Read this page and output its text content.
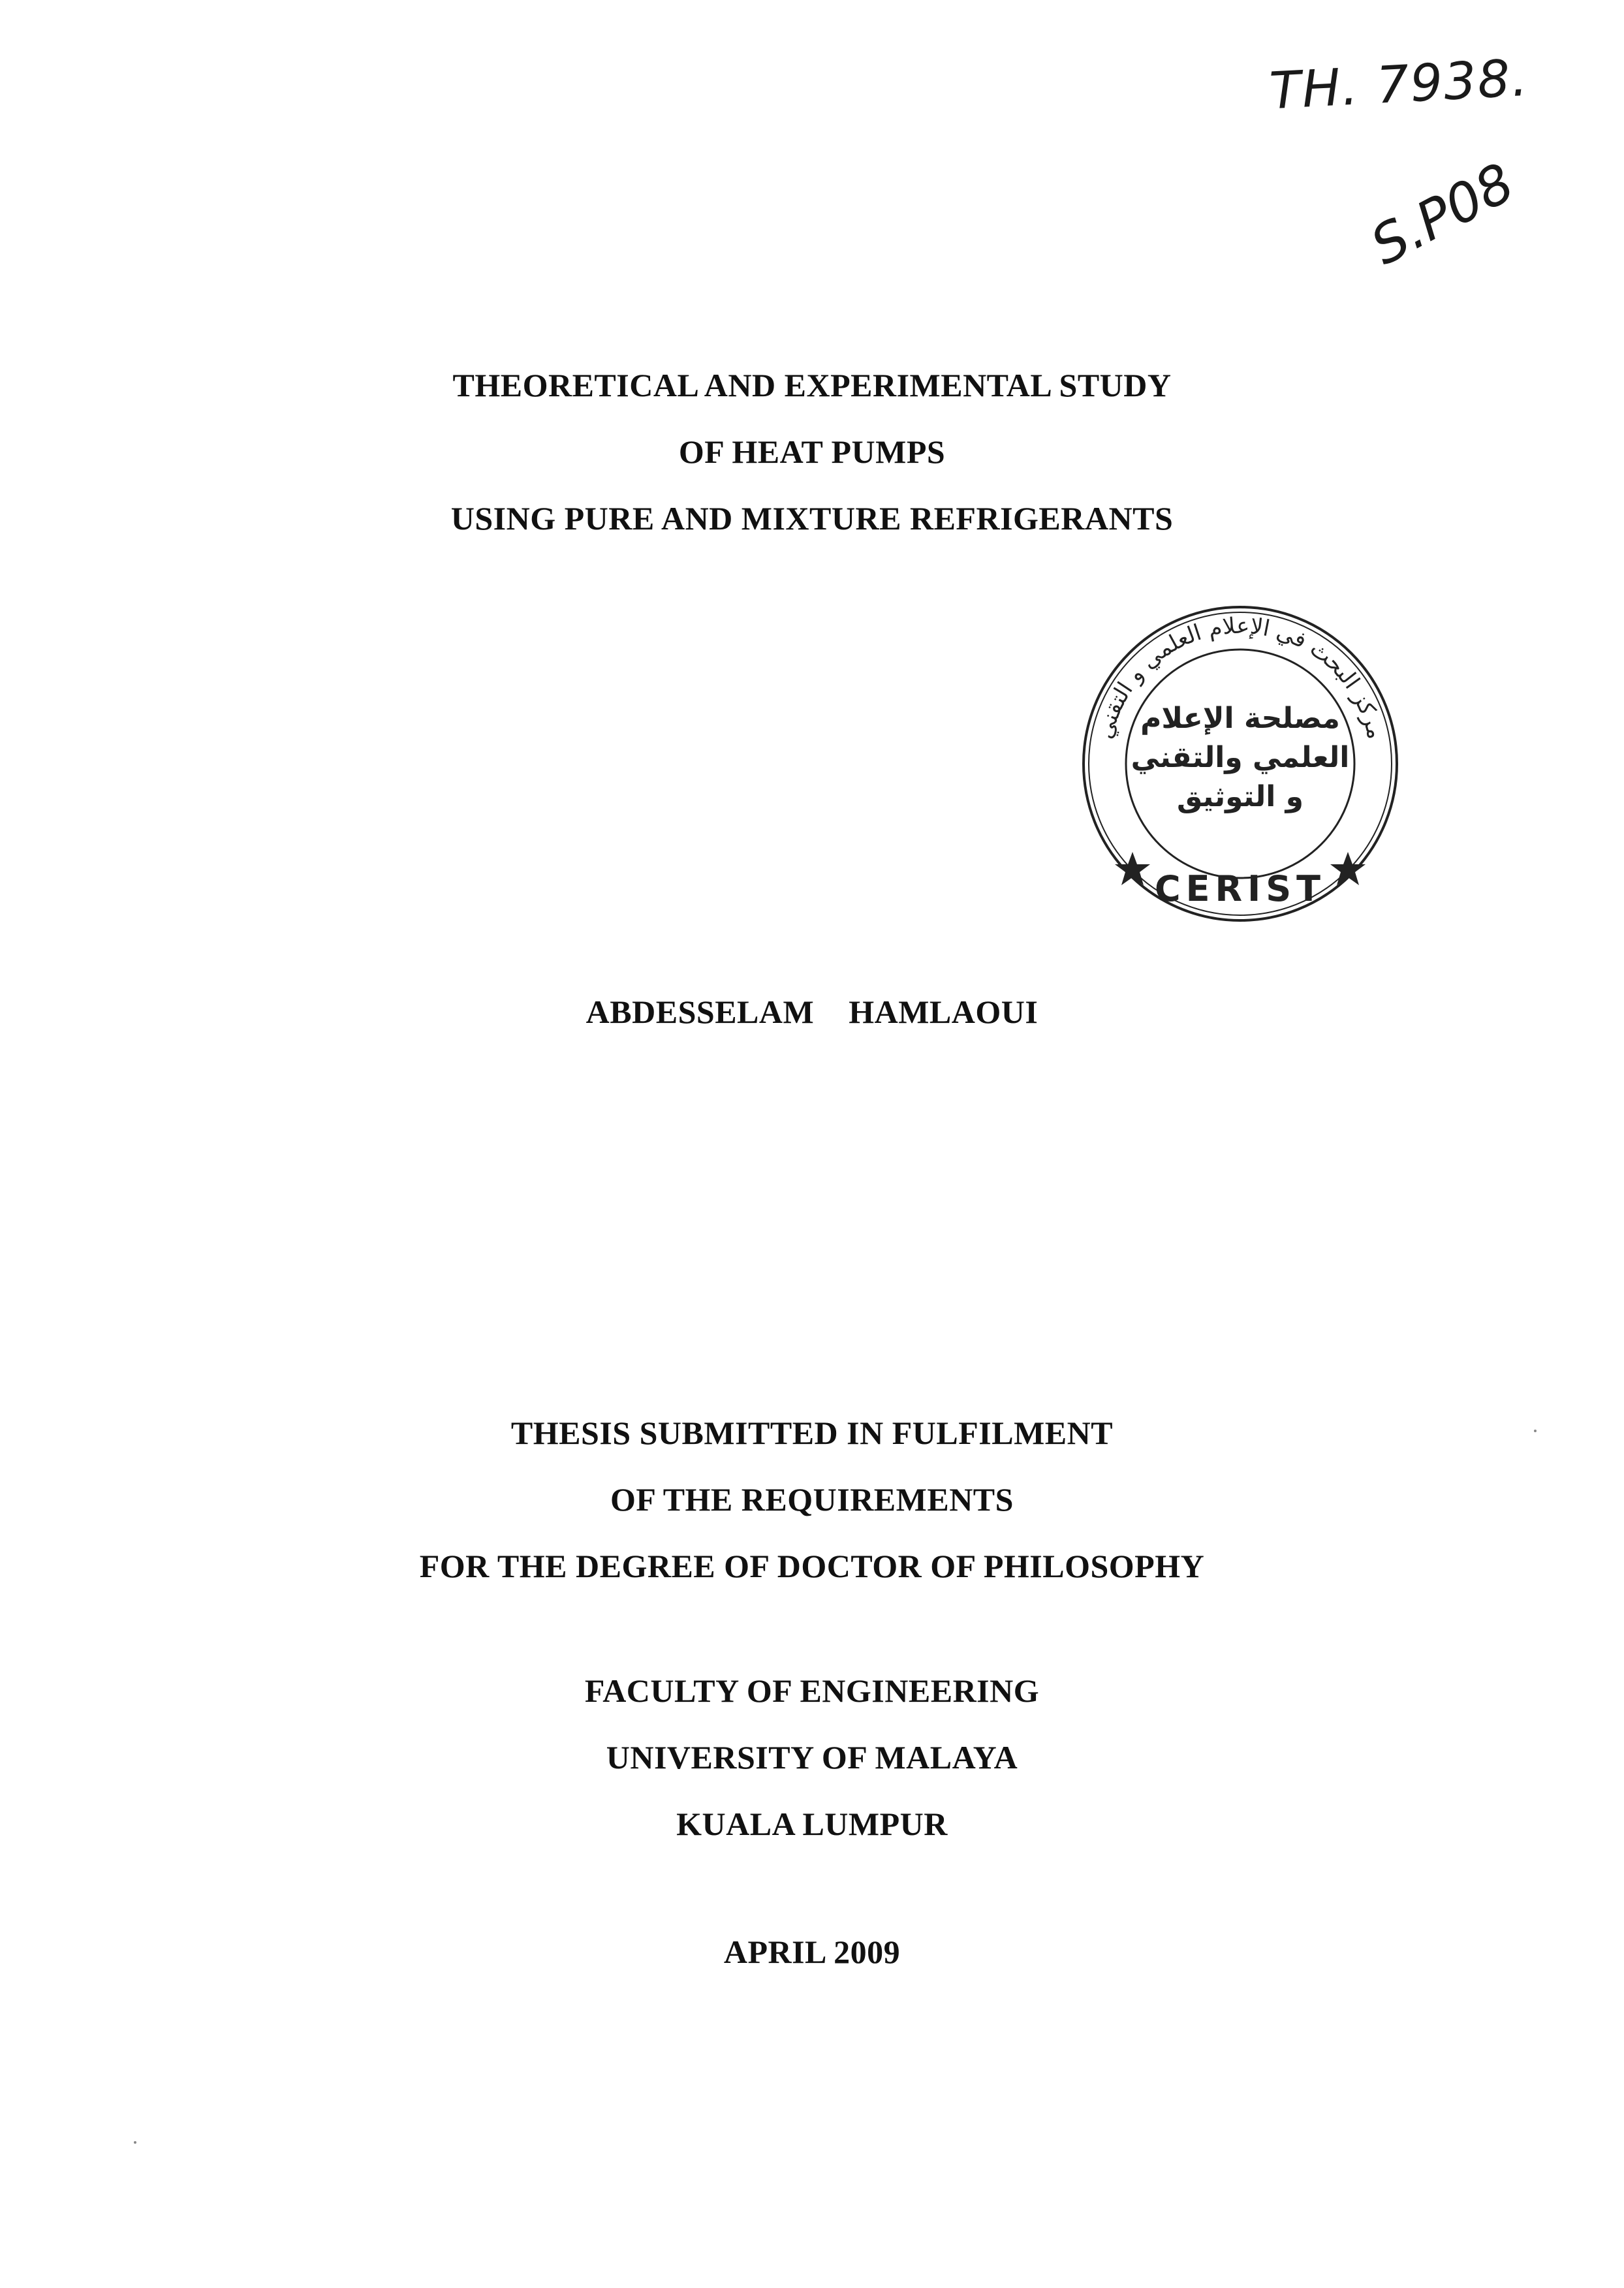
TH. 7938.
S.P08
THEORETICAL AND EXPERIMENTAL STUDY
OF HEAT PUMPS
USING PURE AND MIXTURE REFRIGERANTS
مركز البحث في الإعلام العلمي و التقني
مصلحة الإعلام
العلمي والتقني
و التوثيق
CERIST
ABDESSELAM HAMLAOUI
THESIS SUBMITTED IN FULFILMENT
OF THE REQUIREMENTS
FOR THE DEGREE OF DOCTOR OF PHILOSOPHY
FACULTY OF ENGINEERING
UNIVERSITY OF MALAYA
KUALA LUMPUR
APRIL 2009
